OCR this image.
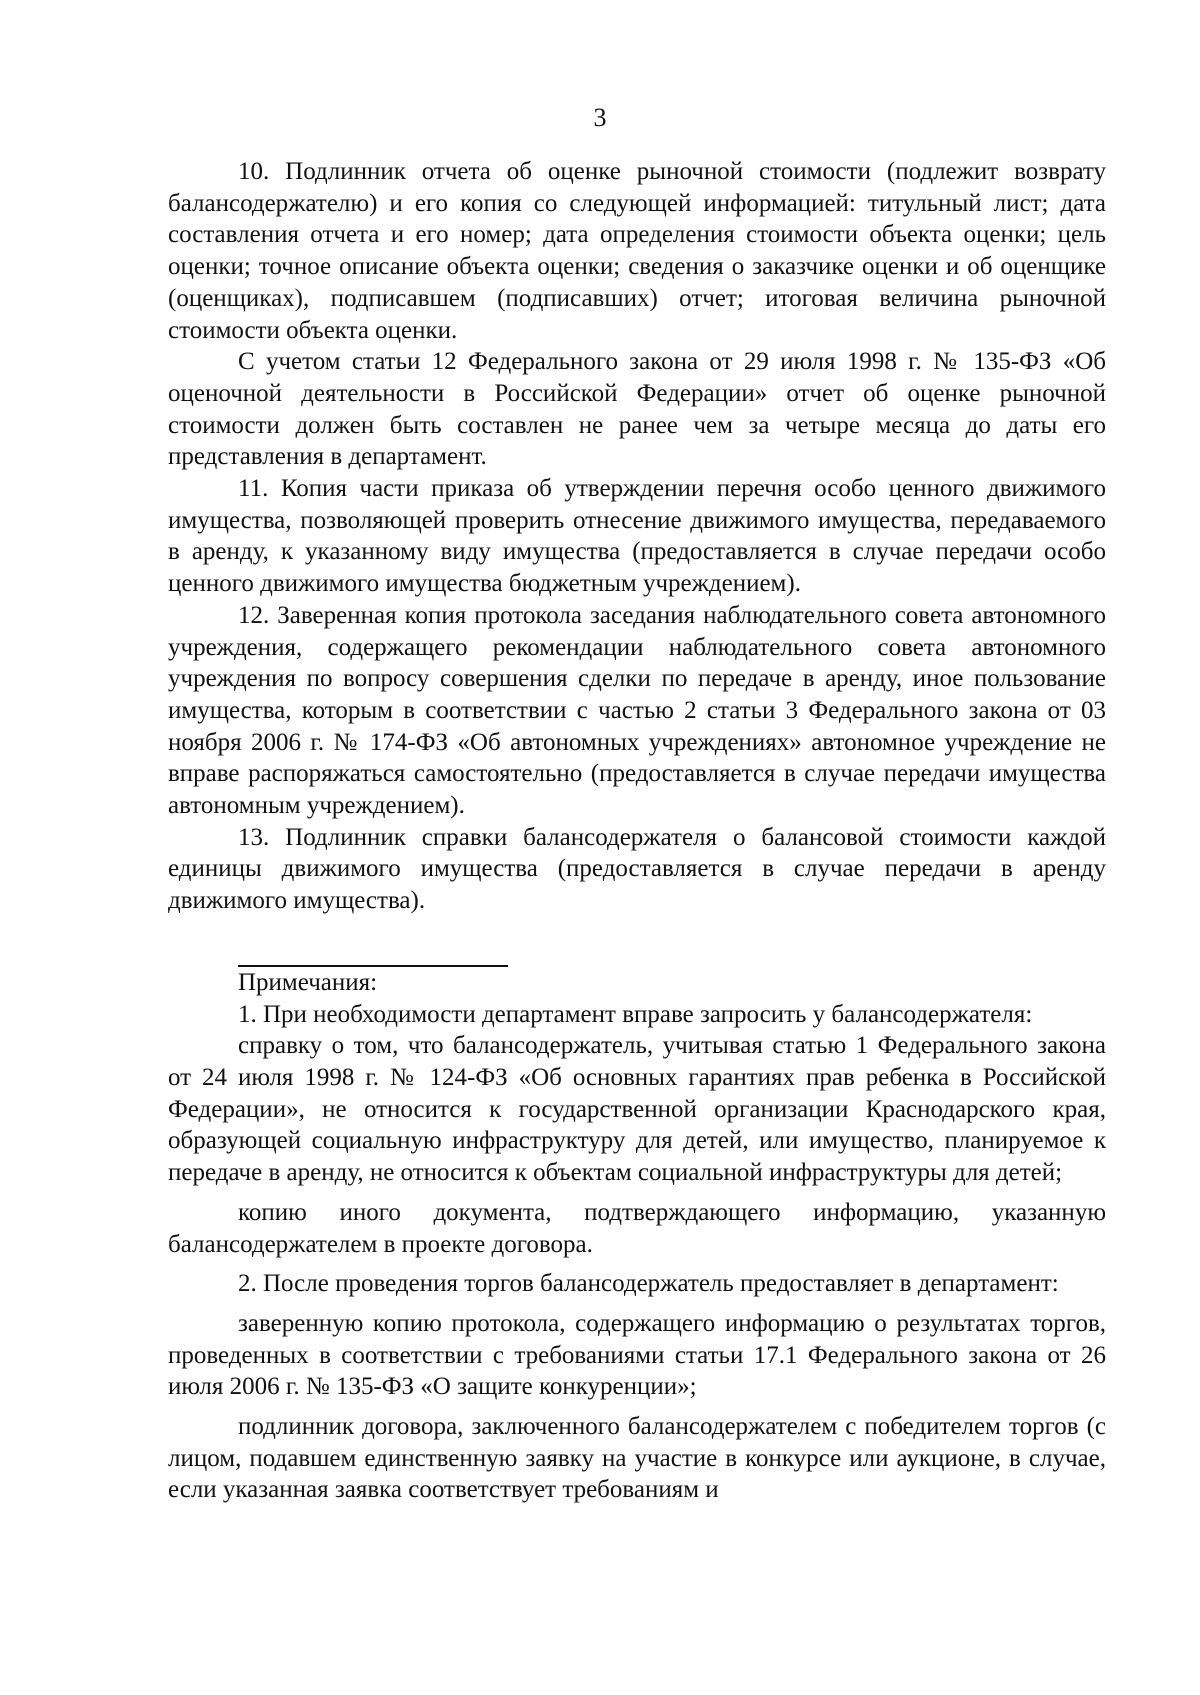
3

10. Подлинник отчета об оценке рыночной стоимости (подлежит возврату балансодержателю) и его копия со следующей информацией: титульный лист; дата составления отчета и его номер; дата определения стоимости объекта оценки; цель оценки; точное описание объекта оценки; сведения о заказчике оценки и об оценщике (оценщиках), подписавшем (подписавших) отчет; итоговая величина рыночной стоимости объекта оценки.

С учетом статьи 12 Федерального закона от 29 июля 1998 г. № 135-ФЗ «Об оценочной деятельности в Российской Федерации» отчет об оценке рыночной стоимости должен быть составлен не ранее чем за четыре месяца до даты его представления в департамент.

11. Копия части приказа об утверждении перечня особо ценного движимого имущества, позволяющей проверить отнесение движимого имущества, передаваемого в аренду, к указанному виду имущества (предоставляется в случае передачи особо ценного движимого имущества бюджетным учреждением).

12. Заверенная копия протокола заседания наблюдательного совета автономного учреждения, содержащего рекомендации наблюдательного совета автономного учреждения по вопросу совершения сделки по передаче в аренду, иное пользование имущества, которым в соответствии с частью 2 статьи 3 Федерального закона от 03 ноября 2006 г. № 174-ФЗ «Об автономных учреждениях» автономное учреждение не вправе распоряжаться самостоятельно (предоставляется в случае передачи имущества автономным учреждением).

13. Подлинник справки балансодержателя о балансовой стоимости каждой единицы движимого имущества (предоставляется в случае передачи в аренду движимого имущества).

Примечания:

1. При необходимости департамент вправе запросить у балансодержателя:

справку о том, что балансодержатель, учитывая статью 1 Федерального закона от 24 июля 1998 г. № 124-ФЗ «Об основных гарантиях прав ребенка в Российской Федерации», не относится к государственной организации Краснодарского края, образующей социальную инфраструктуру для детей, или имущество, планируемое к передаче в аренду, не относится к объектам социальной инфраструктуры для детей;

копию иного документа, подтверждающего информацию, указанную балансодержателем в проекте договора.

2. После проведения торгов балансодержатель предоставляет в департамент:

заверенную копию протокола, содержащего информацию о результатах торгов, проведенных в соответствии с требованиями статьи 17.1 Федерального закона от 26 июля 2006 г. № 135-ФЗ «О защите конкуренции»;

подлинник договора, заключенного балансодержателем с победителем торгов (с лицом, подавшем единственную заявку на участие в конкурсе или аукционе, в случае, если указанная заявка соответствует требованиям и
